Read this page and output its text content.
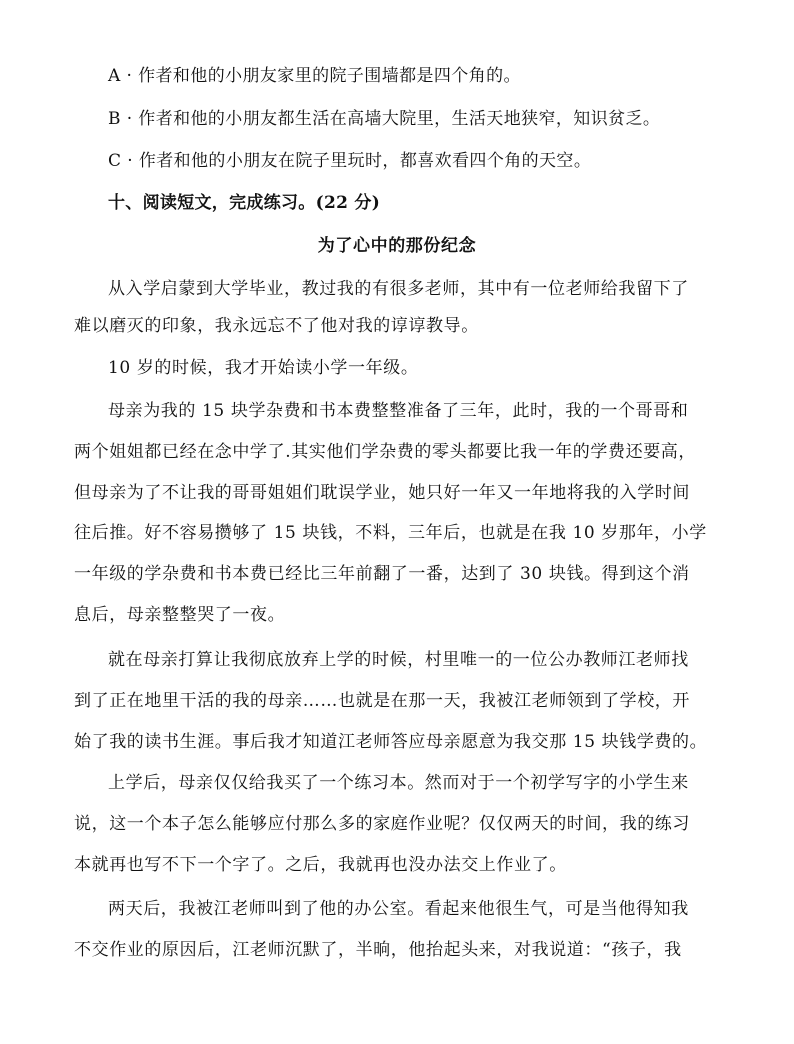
A · 作者和他的小朋友家里的院子围墙都是四个角的。
B · 作者和他的小朋友都生活在高墙大院里，生活天地狭窄，知识贫乏。
C · 作者和他的小朋友在院子里玩时，都喜欢看四个角的天空。
十、阅读短文，完成练习。(22 分)
为了心中的那份纪念
从入学启蒙到大学毕业，教过我的有很多老师，其中有一位老师给我留下了
难以磨灭的印象，我永远忘不了他对我的谆谆教导。
10 岁的时候，我才开始读小学一年级。
母亲为我的 15 块学杂费和书本费整整准备了三年，此时，我的一个哥哥和
两个姐姐都已经在念中学了.其实他们学杂费的零头都要比我一年的学费还要高，
但母亲为了不让我的哥哥姐姐们耽误学业，她只好一年又一年地将我的入学时间
往后推。好不容易攒够了 15 块钱，不料，三年后，也就是在我 10 岁那年，小学
一年级的学杂费和书本费已经比三年前翻了一番，达到了 30 块钱。得到这个消
息后，母亲整整哭了一夜。
就在母亲打算让我彻底放弃上学的时候，村里唯一的一位公办教师江老师找
到了正在地里干活的我的母亲……也就是在那一天，我被江老师领到了学校，开
始了我的读书生涯。事后我才知道江老师答应母亲愿意为我交那 15 块钱学费的。
上学后，母亲仅仅给我买了一个练习本。然而对于一个初学写字的小学生来
说，这一个本子怎么能够应付那么多的家庭作业呢？仅仅两天的时间，我的练习
本就再也写不下一个字了。之后，我就再也没办法交上作业了。
两天后，我被江老师叫到了他的办公室。看起来他很生气，可是当他得知我
不交作业的原因后，江老师沉默了，半晌，他抬起头来，对我说道：“孩子，我
